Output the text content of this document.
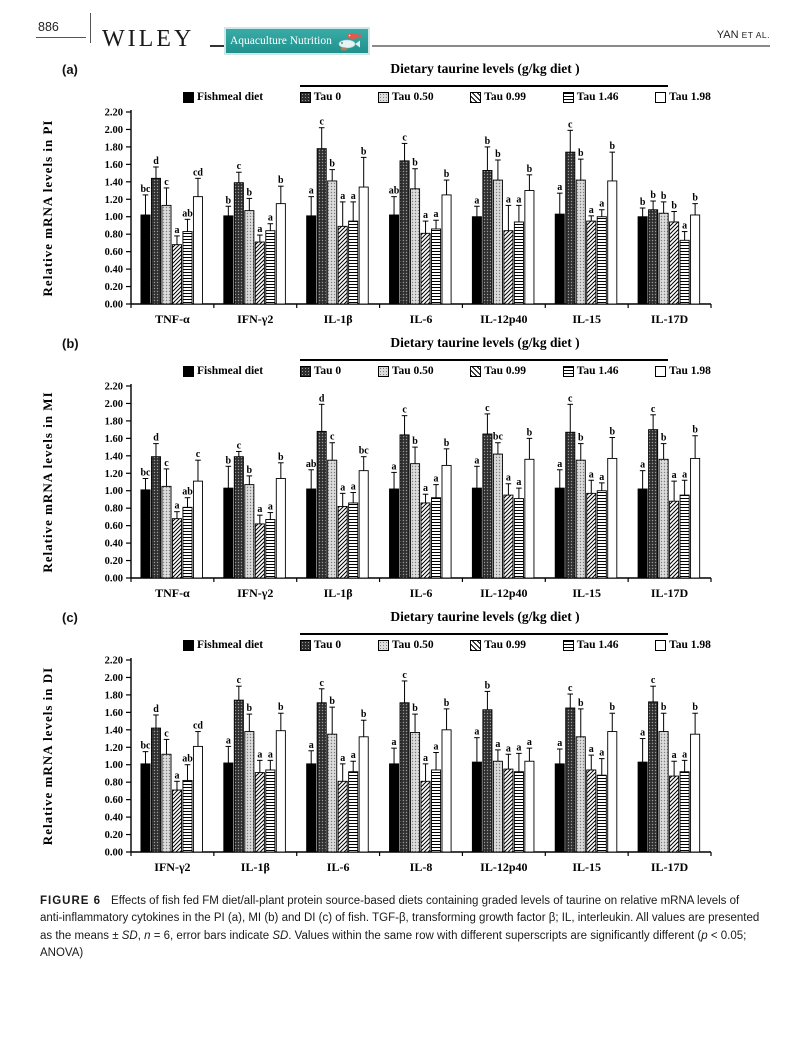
886 WILEY	Aquaculture Nutrition	YAN ET AL.
(a)	Dietary taurine levels (g/kg diet )
Fishmeal diet	Tau 0	Tau 0.50	Tau 0.99	Tau 1.46	Tau 1.98
0.00
0.20
0.40
0.60
0.80
1.00
1.20
1.40
1.60
1.80
2.00
2.20
TNF-α
bc
d
c
a
ab
cd
IFN-γ2
b
c
b
a
a
b
IL-1β
a
c
b
a a
b
IL-6
ab
c
b
a a
b
IL-12p40
a
b
b
a a
b
IL-15
a
c
b
a
a
b
IL-17D
b
b b
b
a
b
Relative mRNA levels in PI
(b)	Dietary taurine levels (g/kg diet )
Fishmeal diet	Tau 0	Tau 0.50	Tau 0.99	Tau 1.46	Tau 1.98
0.00
0.20
0.40
0.60
0.80
1.00
1.20
1.40
1.60
1.80
2.00
2.20
TNF-α
bc
d
c
a
ab
c
IFN-γ2
b
c
b
a a
b
IL-1β
ab
d
c
a a
bc
IL-6
a
c
b
a
a
b
IL-12p40
a
c
bc
a a
b
IL-15
a
c
b
a a
b
IL-17D
a
c
b
a a
b
Relative mRNA levels in MI
(c)	Dietary taurine levels (g/kg diet )
Fishmeal diet	Tau 0	Tau 0.50	Tau 0.99	Tau 1.46	Tau 1.98
0.00
0.20
0.40
0.60
0.80
1.00
1.20
1.40
1.60
1.80
2.00
2.20
IFN-γ2
bc
d
c
a
ab
cd
IL-1β
a
c
b
a a
b
IL-6
a
c
b
a a
b
IL-8
a
c
b
a
a
b
IL-12p40
a
b
a a a a
IL-15
a
c
b
a a
b
IL-17D
a
c
b
a a
b
Relative mRNA levels in DI
FIGURE 6 Effects of fish fed FM diet/all-plant protein source-based diets containing graded levels of taurine on relative mRNA levels of anti-inflammatory cytokines in the PI (a), MI (b) and DI (c) of fish. TGF-β, transforming growth factor β; IL, interleukin. All values are presented as the means ± SD, n = 6, error bars indicate SD. Values within the same row with different superscripts are significantly different (p < 0.05; ANOVA)
